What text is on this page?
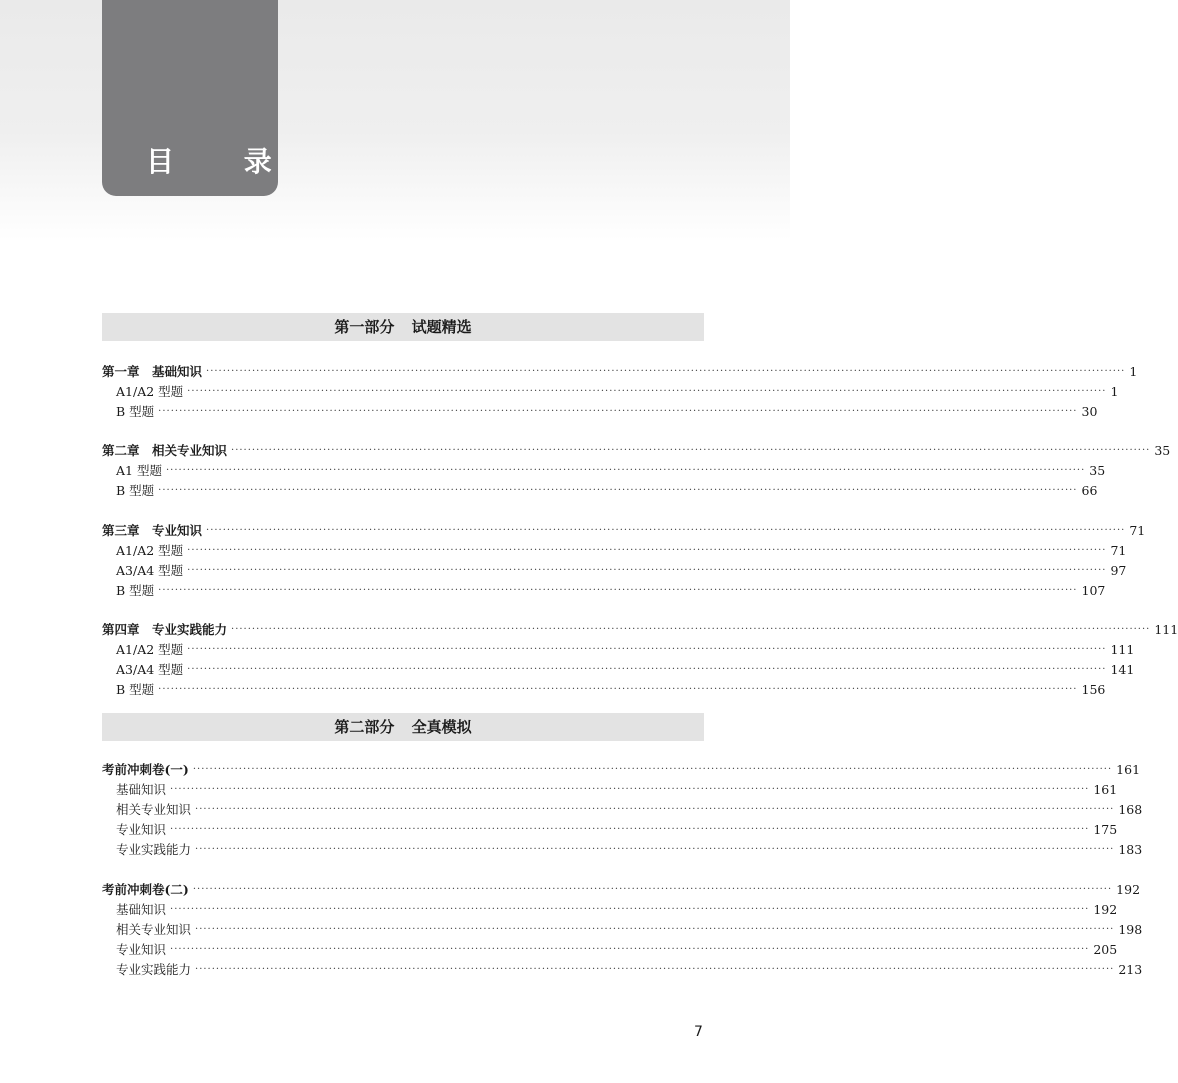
目 录
第一部分 试题精选
第一章　基础知识 ···························································································································································································································· 1
A1/A2 型题 ···························································································································································································································· 1
B 型题 ···························································································································································································································· 30
第二章　相关专业知识 ···························································································································································································································· 35
A1 型题 ···························································································································································································································· 35
B 型题 ···························································································································································································································· 66
第三章　专业知识 ···························································································································································································································· 71
A1/A2 型题 ···························································································································································································································· 71
A3/A4 型题 ···························································································································································································································· 97
B 型题 ···························································································································································································································· 107
第四章　专业实践能力 ···························································································································································································································· 111
A1/A2 型题 ···························································································································································································································· 111
A3/A4 型题 ···························································································································································································································· 141
B 型题 ···························································································································································································································· 156
第二部分 全真模拟
考前冲刺卷(一) ···························································································································································································································· 161
基础知识 ···························································································································································································································· 161
相关专业知识 ···························································································································································································································· 168
专业知识 ···························································································································································································································· 175
专业实践能力 ···························································································································································································································· 183
考前冲刺卷(二) ···························································································································································································································· 192
基础知识 ···························································································································································································································· 192
相关专业知识 ···························································································································································································································· 198
专业知识 ···························································································································································································································· 205
专业实践能力 ···························································································································································································································· 213
7
